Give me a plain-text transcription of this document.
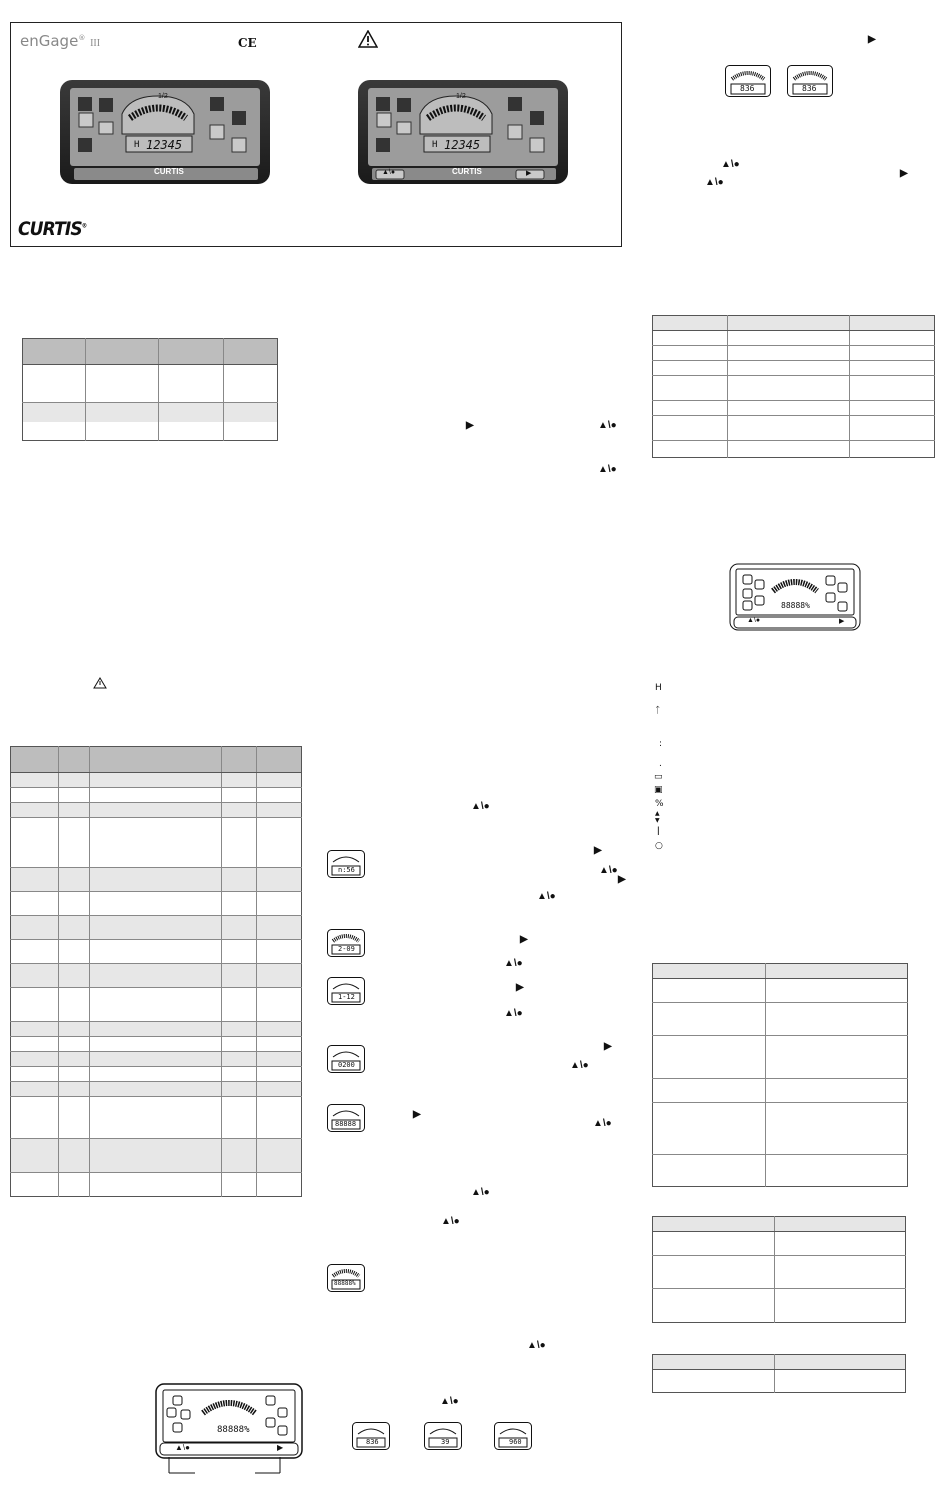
enGage® III	CE
CURTIS®
1/2
H 12345
CURTIS
1/2
H 12345
CURTIS
▲\●	▶

88888%
▲\●	▶
▶	▲\●
▲\●
▲\●
▶
▲\●
▶
▲\●
▶
▲\●
▶
▲\●
▶
▲\●
▶
▲\●
▲\●
▲\●
▲\●
▲\●
n:56
2-09
1-12
0200
88888
88888%
836	39	960
▶
836	836
▲\●
▲\●
▶

88888%
▲\●	▶
H
ᛏ
:
.
▭
▣
%
▲
▼
ǀ
○
